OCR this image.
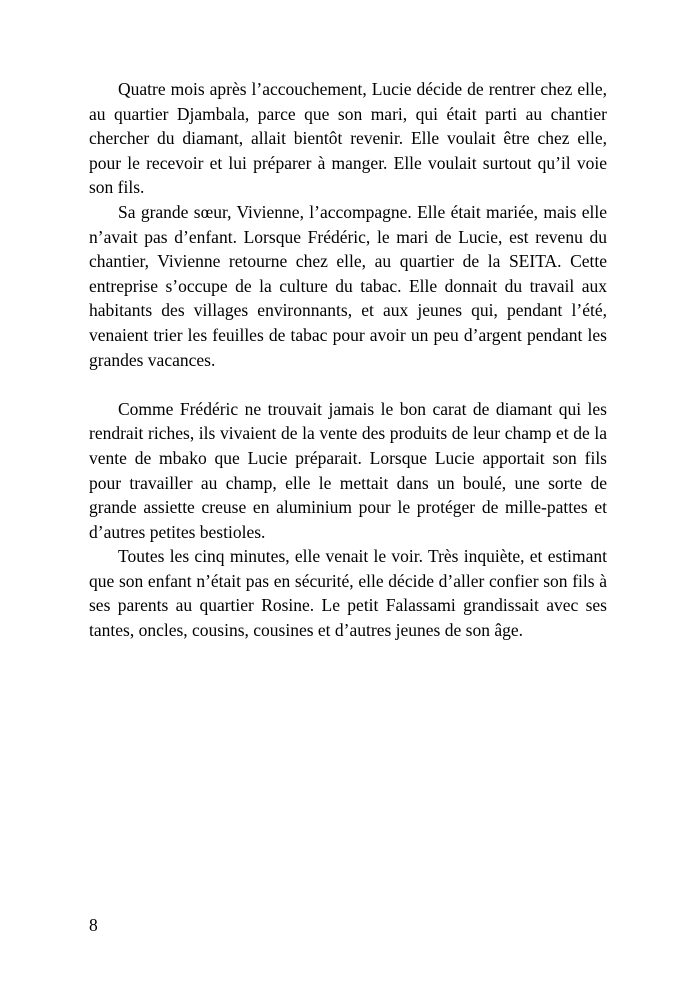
Quatre mois après l’accouchement, Lucie décide de rentrer chez elle, au quartier Djambala, parce que son mari, qui était parti au chantier chercher du diamant, allait bientôt revenir. Elle voulait être chez elle, pour le recevoir et lui préparer à manger. Elle voulait surtout qu’il voie son fils.

Sa grande sœur, Vivienne, l’accompagne. Elle était mariée, mais elle n’avait pas d’enfant. Lorsque Frédéric, le mari de Lucie, est revenu du chantier, Vivienne retourne chez elle, au quartier de la SEITA. Cette entreprise s’occupe de la culture du tabac. Elle donnait du travail aux habitants des villages environnants, et aux jeunes qui, pendant l’été, venaient trier les feuilles de tabac pour avoir un peu d’argent pendant les grandes vacances.

Comme Frédéric ne trouvait jamais le bon carat de diamant qui les rendrait riches, ils vivaient de la vente des produits de leur champ et de la vente de mbako que Lucie préparait. Lorsque Lucie apportait son fils pour travailler au champ, elle le mettait dans un boulé, une sorte de grande assiette creuse en aluminium pour le protéger de mille-pattes et d’autres petites bestioles.

Toutes les cinq minutes, elle venait le voir. Très inquiète, et estimant que son enfant n’était pas en sécurité, elle décide d’aller confier son fils à ses parents au quartier Rosine. Le petit Falassami grandissait avec ses tantes, oncles, cousins, cousines et d’autres jeunes de son âge.

8
